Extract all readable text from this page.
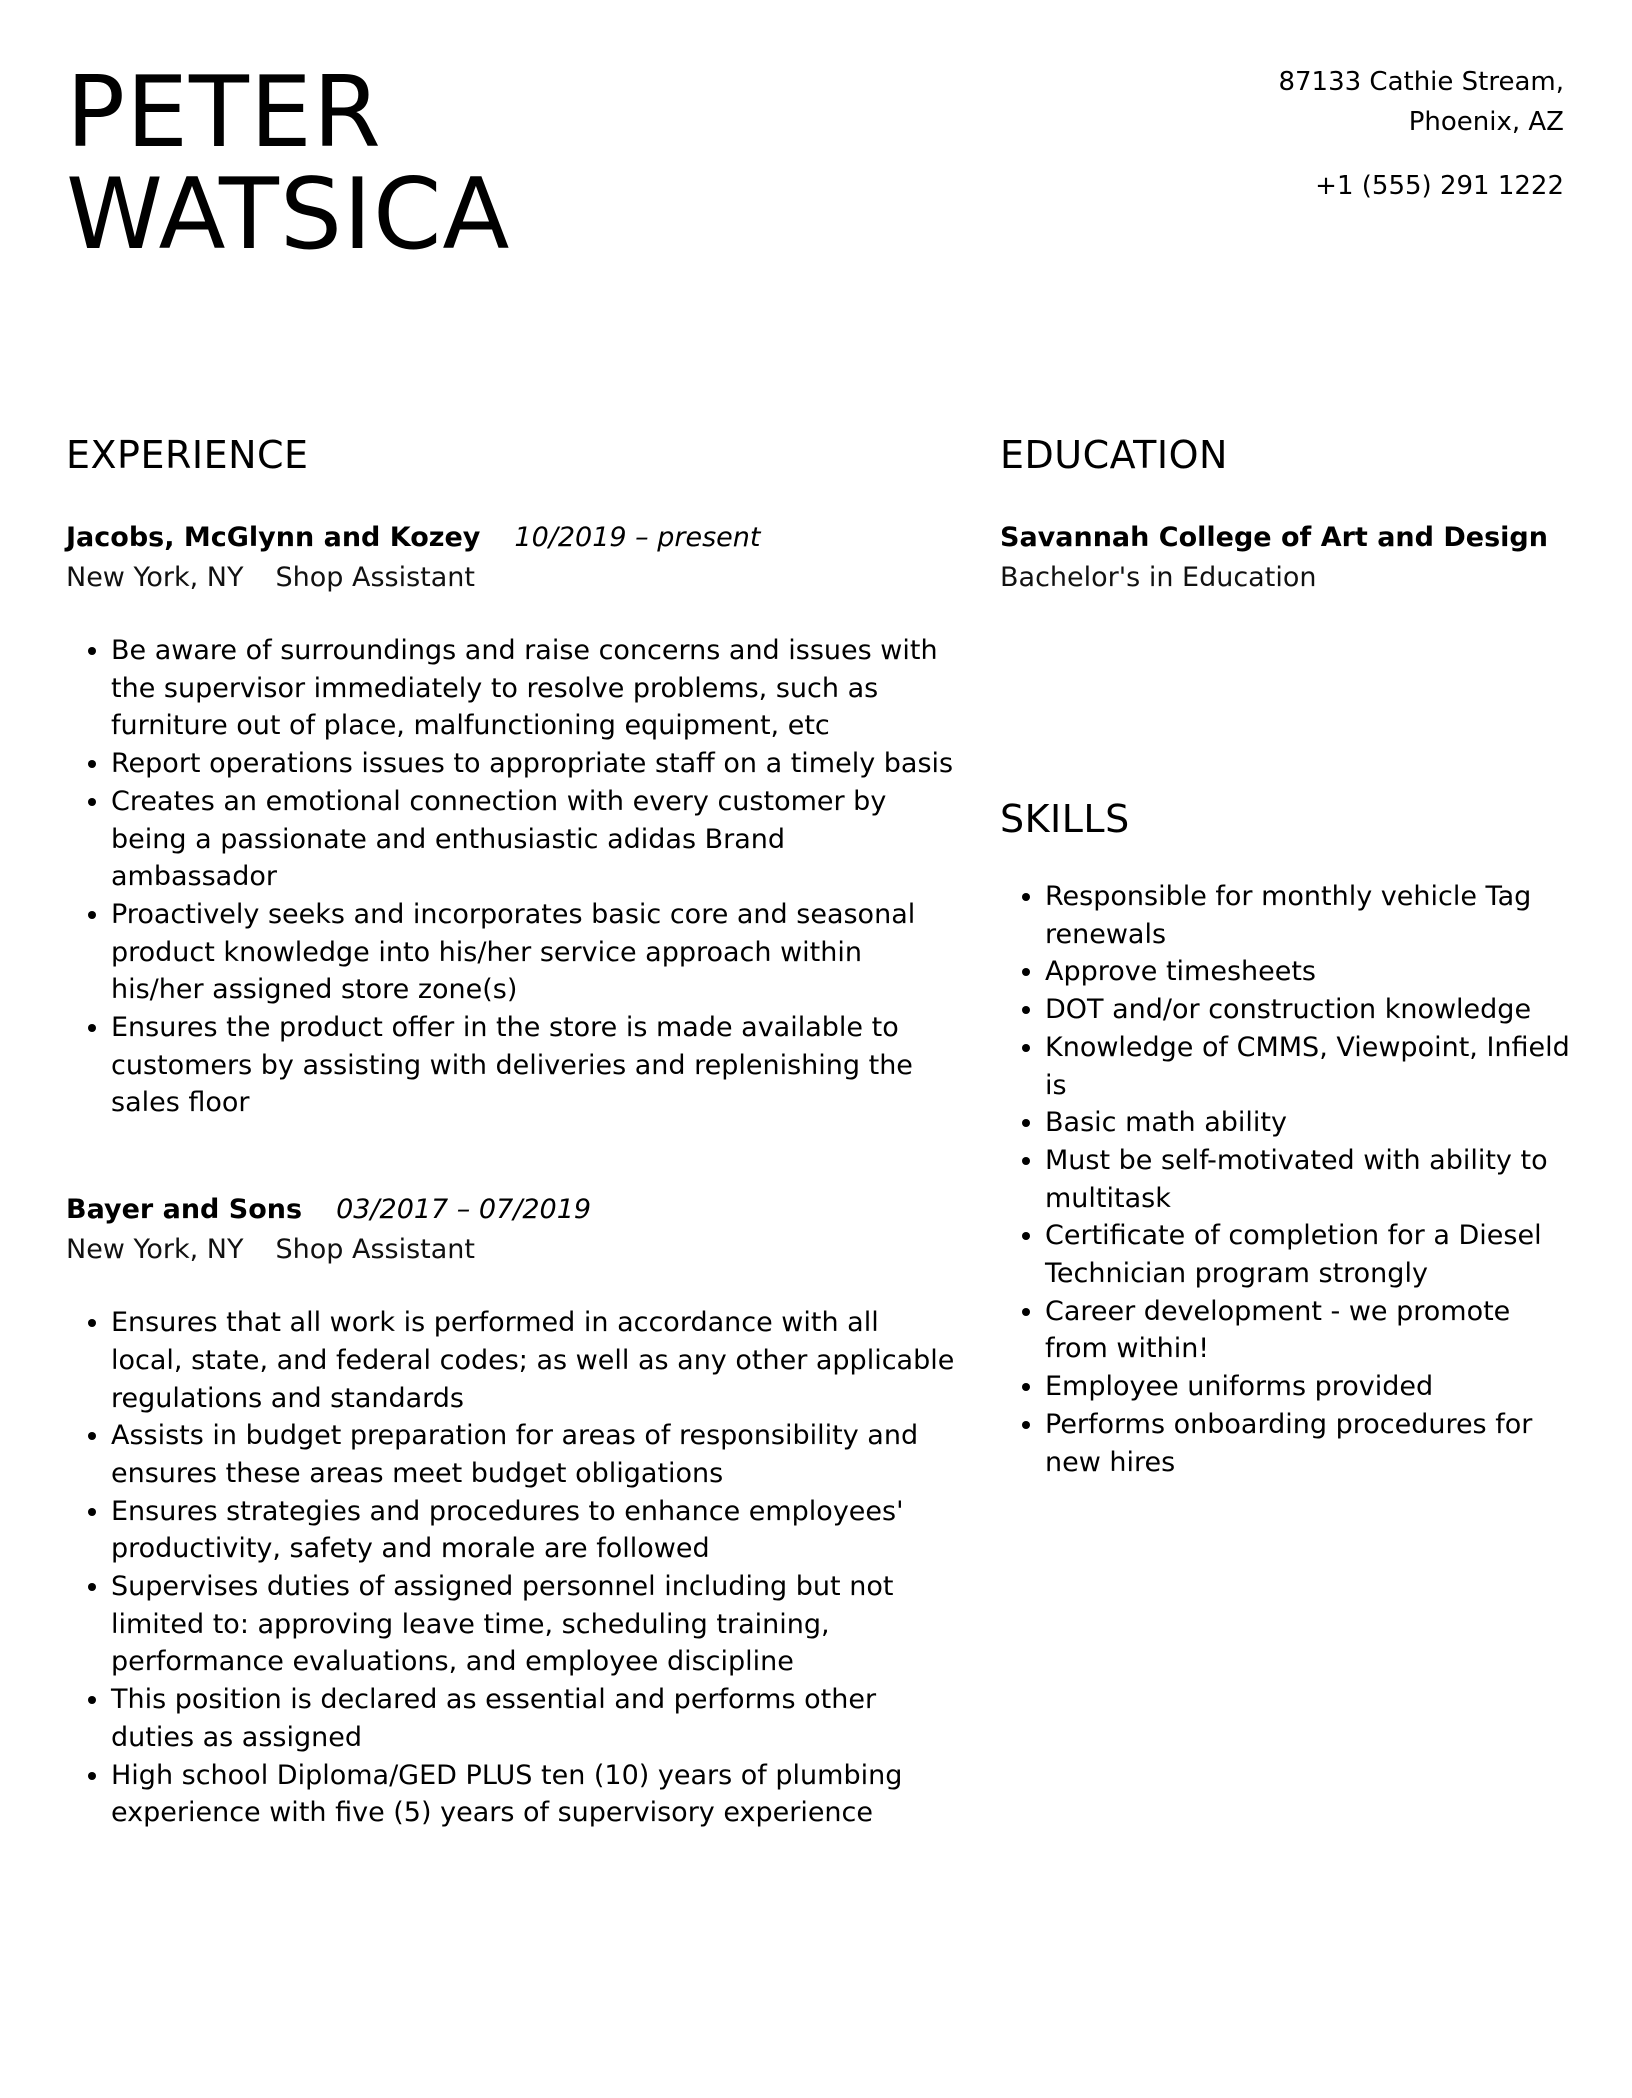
PETER
WATSICA
87133 Cathie Stream,
Phoenix, AZ
+1 (555) 291 1222
EXPERIENCE
Jacobs, McGlynn and Kozey 10/2019 – present
New York, NY Shop Assistant
• Be aware of surroundings and raise concerns and issues with the supervisor immediately to resolve problems, such as furniture out of place, malfunctioning equipment, etc
• Report operations issues to appropriate staff on a timely basis
• Creates an emotional connection with every customer by being a passionate and enthusiastic adidas Brand ambassador
• Proactively seeks and incorporates basic core and seasonal product knowledge into his/her service approach within his/her assigned store zone(s)
• Ensures the product offer in the store is made available to customers by assisting with deliveries and replenishing the sales floor
Bayer and Sons 03/2017 – 07/2019
New York, NY Shop Assistant
• Ensures that all work is performed in accordance with all local, state, and federal codes; as well as any other applicable regulations and standards
• Assists in budget preparation for areas of responsibility and ensures these areas meet budget obligations
• Ensures strategies and procedures to enhance employees' productivity, safety and morale are followed
• Supervises duties of assigned personnel including but not limited to: approving leave time, scheduling training, performance evaluations, and employee discipline
• This position is declared as essential and performs other duties as assigned
• High school Diploma/GED PLUS ten (10) years of plumbing experience with five (5) years of supervisory experience
EDUCATION
Savannah College of Art and Design
Bachelor's in Education
SKILLS
• Responsible for monthly vehicle Tag renewals
• Approve timesheets
• DOT and/or construction knowledge
• Knowledge of CMMS, Viewpoint, Infield is
• Basic math ability
• Must be self-motivated with ability to multitask
• Certificate of completion for a Diesel Technician program strongly
• Career development - we promote from within!
• Employee uniforms provided
• Performs onboarding procedures for new hires
